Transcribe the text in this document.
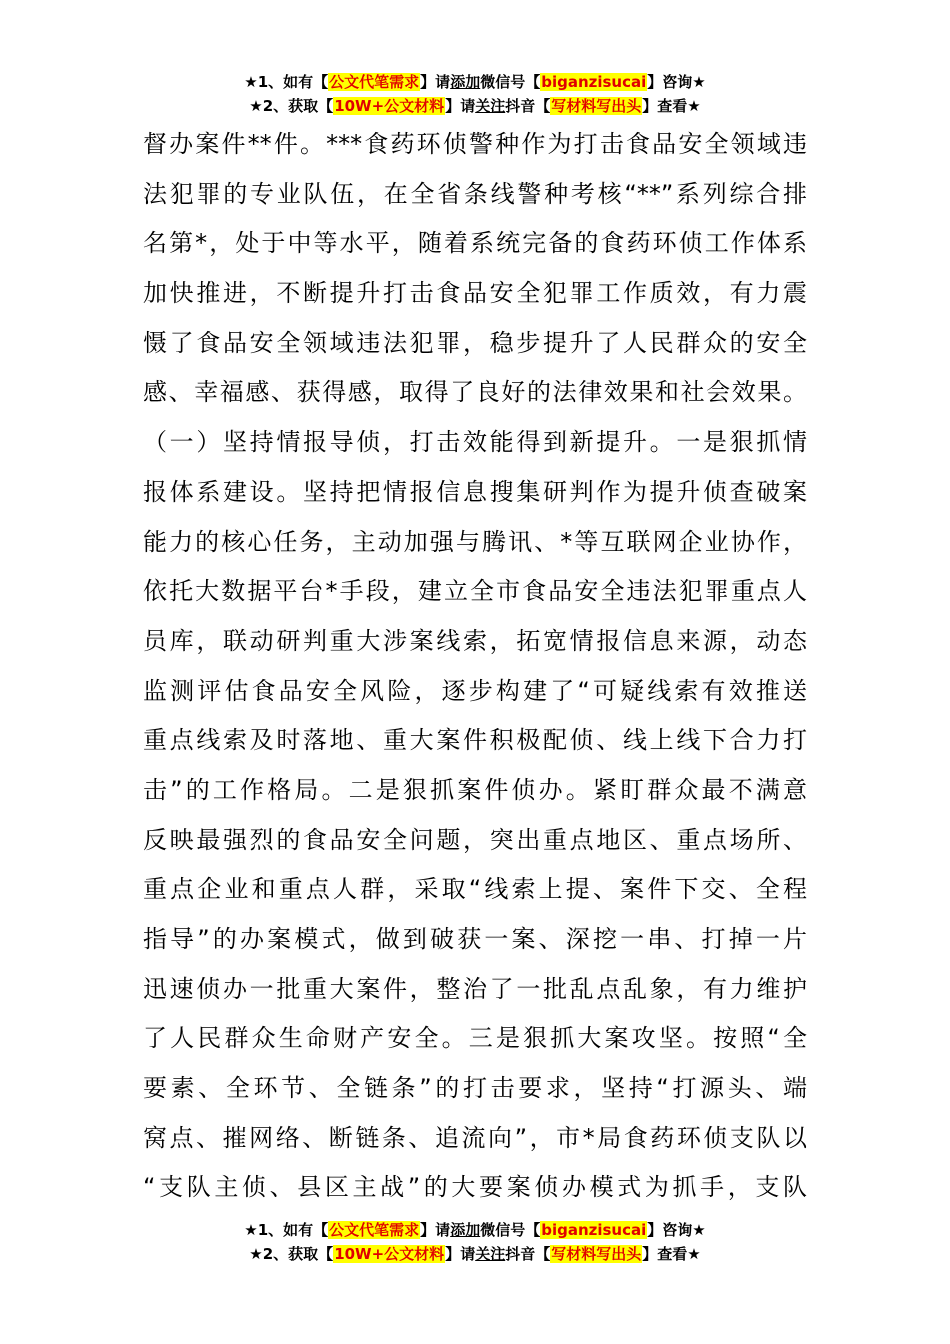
★1、如有【公文代笔需求】请添加微信号【biganzisucai】咨询★
★2、获取【10W+公文材料】请关注抖音【写材料写出头】查看★
督办案件**件。***食药环侦警种作为打击食品安全领域违
法犯罪的专业队伍，在全省条线警种考核“**”系列综合排
名第*，处于中等水平，随着系统完备的食药环侦工作体系
加快推进，不断提升打击食品安全犯罪工作质效，有力震
慑了食品安全领域违法犯罪，稳步提升了人民群众的安全
感、幸福感、获得感，取得了良好的法律效果和社会效果。
（一）坚持情报导侦，打击效能得到新提升。一是狠抓情
报体系建设。坚持把情报信息搜集研判作为提升侦查破案
能力的核心任务，主动加强与腾讯、*等互联网企业协作，
依托大数据平台*手段，建立全市食品安全违法犯罪重点人
员库，联动研判重大涉案线索，拓宽情报信息来源，动态
监测评估食品安全风险，逐步构建了“可疑线索有效推送
重点线索及时落地、重大案件积极配侦、线上线下合力打
击”的工作格局。二是狠抓案件侦办。紧盯群众最不满意
反映最强烈的食品安全问题，突出重点地区、重点场所、
重点企业和重点人群，采取“线索上提、案件下交、全程
指导”的办案模式，做到破获一案、深挖一串、打掉一片
迅速侦办一批重大案件，整治了一批乱点乱象，有力维护
了人民群众生命财产安全。三是狠抓大案攻坚。按照“全
要素、全环节、全链条”的打击要求，坚持“打源头、端
窝点、摧网络、断链条、追流向”，市*局食药环侦支队以
“支队主侦、县区主战”的大要案侦办模式为抓手，支队
★1、如有【公文代笔需求】请添加微信号【biganzisucai】咨询★
★2、获取【10W+公文材料】请关注抖音【写材料写出头】查看★
